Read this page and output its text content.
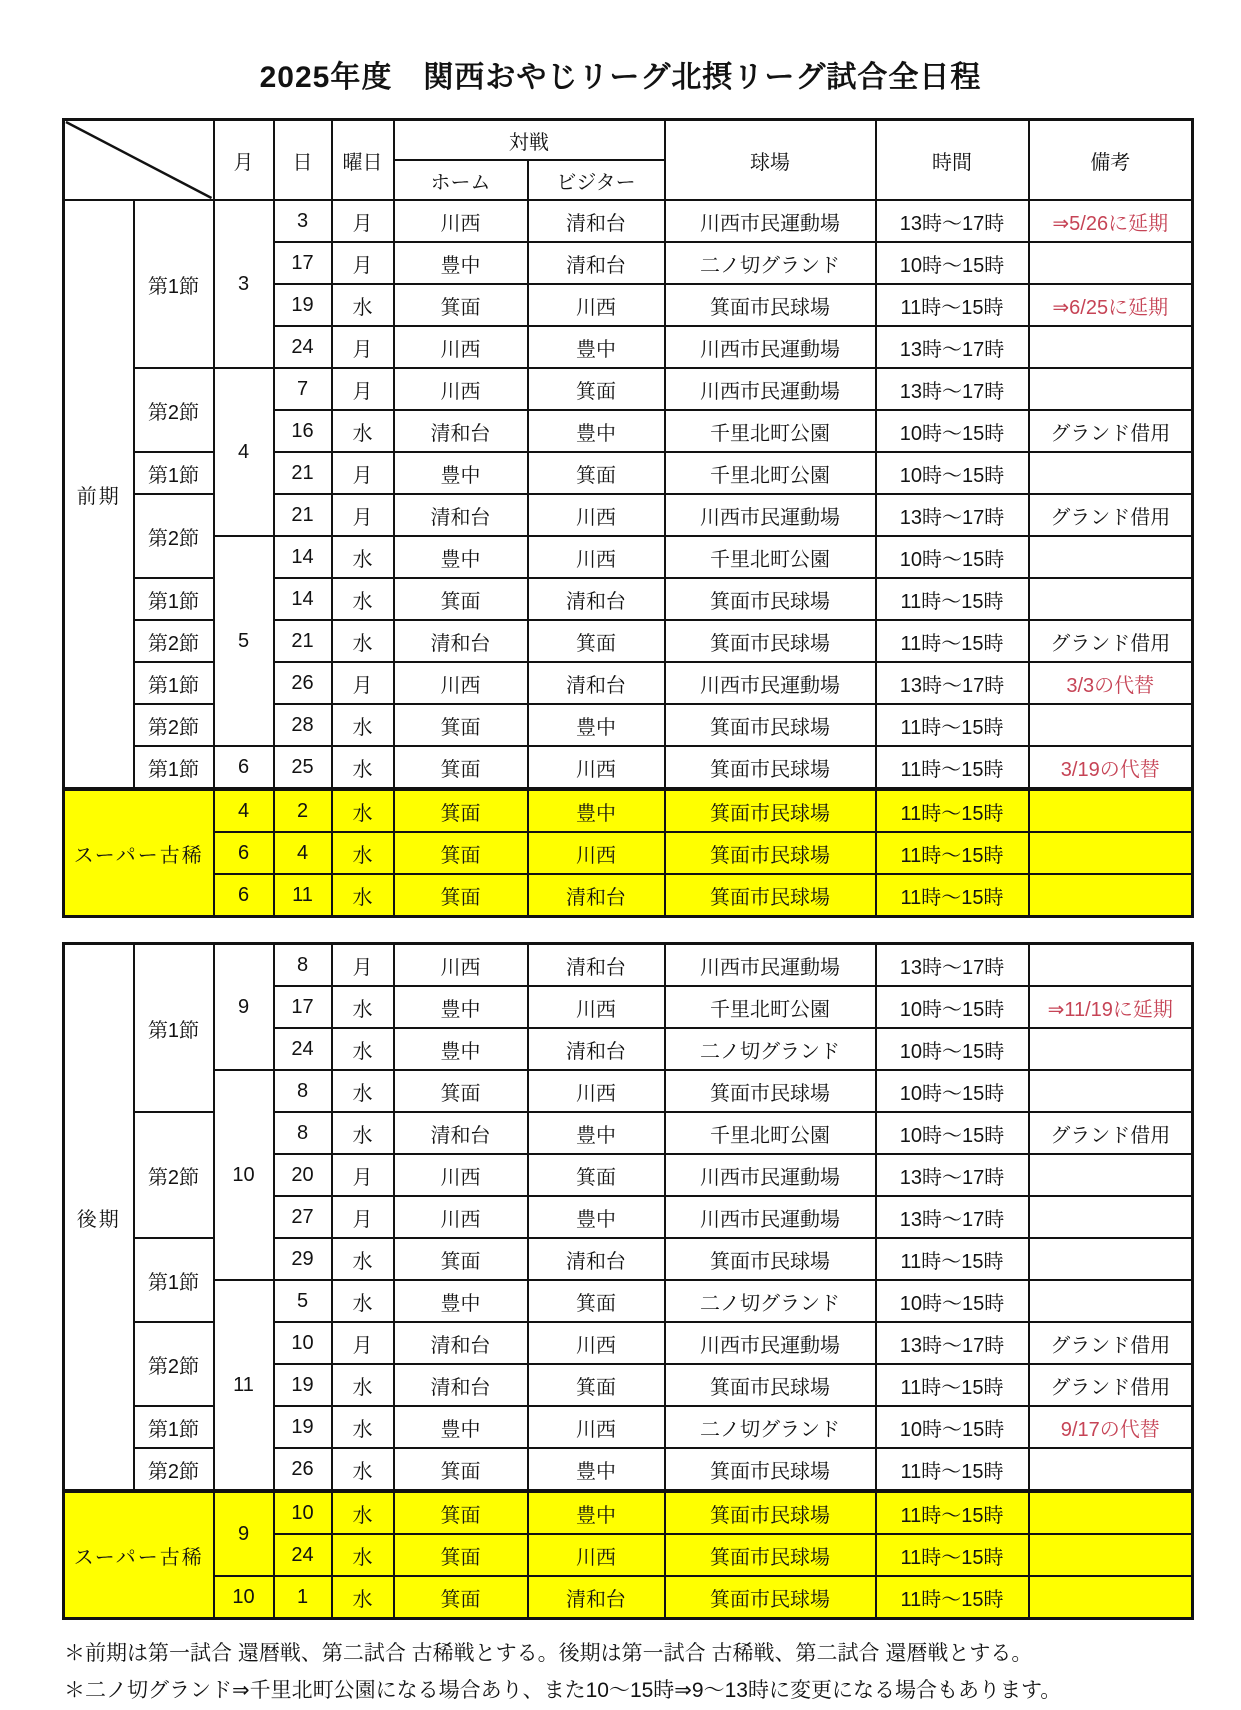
2025年度　関西おやじリーグ北摂リーグ試合全日程
	月	日	曜日	対戦		球場	時間	備考
					ホーム	ビジター			
前期	第1節	3	3	月	川西	清和台	川西市民運動場	13時〜17時	⇒5/26に延期
			17	月	豊中	清和台	二ノ切グランド	10時〜15時	
			19	水	箕面	川西	箕面市民球場	11時〜15時	⇒6/25に延期
			24	月	川西	豊中	川西市民運動場	13時〜17時	
	第2節	4	7	月	川西	箕面	川西市民運動場	13時〜17時	
			16	水	清和台	豊中	千里北町公園	10時〜15時	グランド借用
	第1節		21	月	豊中	箕面	千里北町公園	10時〜15時	
	第2節		21	月	清和台	川西	川西市民運動場	13時〜17時	グランド借用
		5	14	水	豊中	川西	千里北町公園	10時〜15時	
	第1節		14	水	箕面	清和台	箕面市民球場	11時〜15時	
	第2節		21	水	清和台	箕面	箕面市民球場	11時〜15時	グランド借用
	第1節		26	月	川西	清和台	川西市民運動場	13時〜17時	3/3の代替
	第2節		28	水	箕面	豊中	箕面市民球場	11時〜15時	
	第1節	6	25	水	箕面	川西	箕面市民球場	11時〜15時	3/19の代替
スーパー古稀		4	2	水	箕面	豊中	箕面市民球場	11時〜15時	
		6	4	水	箕面	川西	箕面市民球場	11時〜15時	
		6	11	水	箕面	清和台	箕面市民球場	11時〜15時	
後期	第1節	9	8	月	川西	清和台	川西市民運動場	13時〜17時	
			17	水	豊中	川西	千里北町公園	10時〜15時	⇒11/19に延期
			24	水	豊中	清和台	二ノ切グランド	10時〜15時	
		10	8	水	箕面	川西	箕面市民球場	10時〜15時	
	第2節		8	水	清和台	豊中	千里北町公園	10時〜15時	グランド借用
			20	月	川西	箕面	川西市民運動場	13時〜17時	
			27	月	川西	豊中	川西市民運動場	13時〜17時	
	第1節		29	水	箕面	清和台	箕面市民球場	11時〜15時	
		11	5	水	豊中	箕面	二ノ切グランド	10時〜15時	
	第2節		10	月	清和台	川西	川西市民運動場	13時〜17時	グランド借用
			19	水	清和台	箕面	箕面市民球場	11時〜15時	グランド借用
	第1節		19	水	豊中	川西	二ノ切グランド	10時〜15時	9/17の代替
	第2節		26	水	箕面	豊中	箕面市民球場	11時〜15時	
スーパー古稀		9	10	水	箕面	豊中	箕面市民球場	11時〜15時	
			24	水	箕面	川西	箕面市民球場	11時〜15時	
		10	1	水	箕面	清和台	箕面市民球場	11時〜15時	
＊前期は第一試合 還暦戦、第二試合 古稀戦とする。後期は第一試合 古稀戦、第二試合 還暦戦とする。
＊二ノ切グランド⇒千里北町公園になる場合あり、また10〜15時⇒9〜13時に変更になる場合もあります。
